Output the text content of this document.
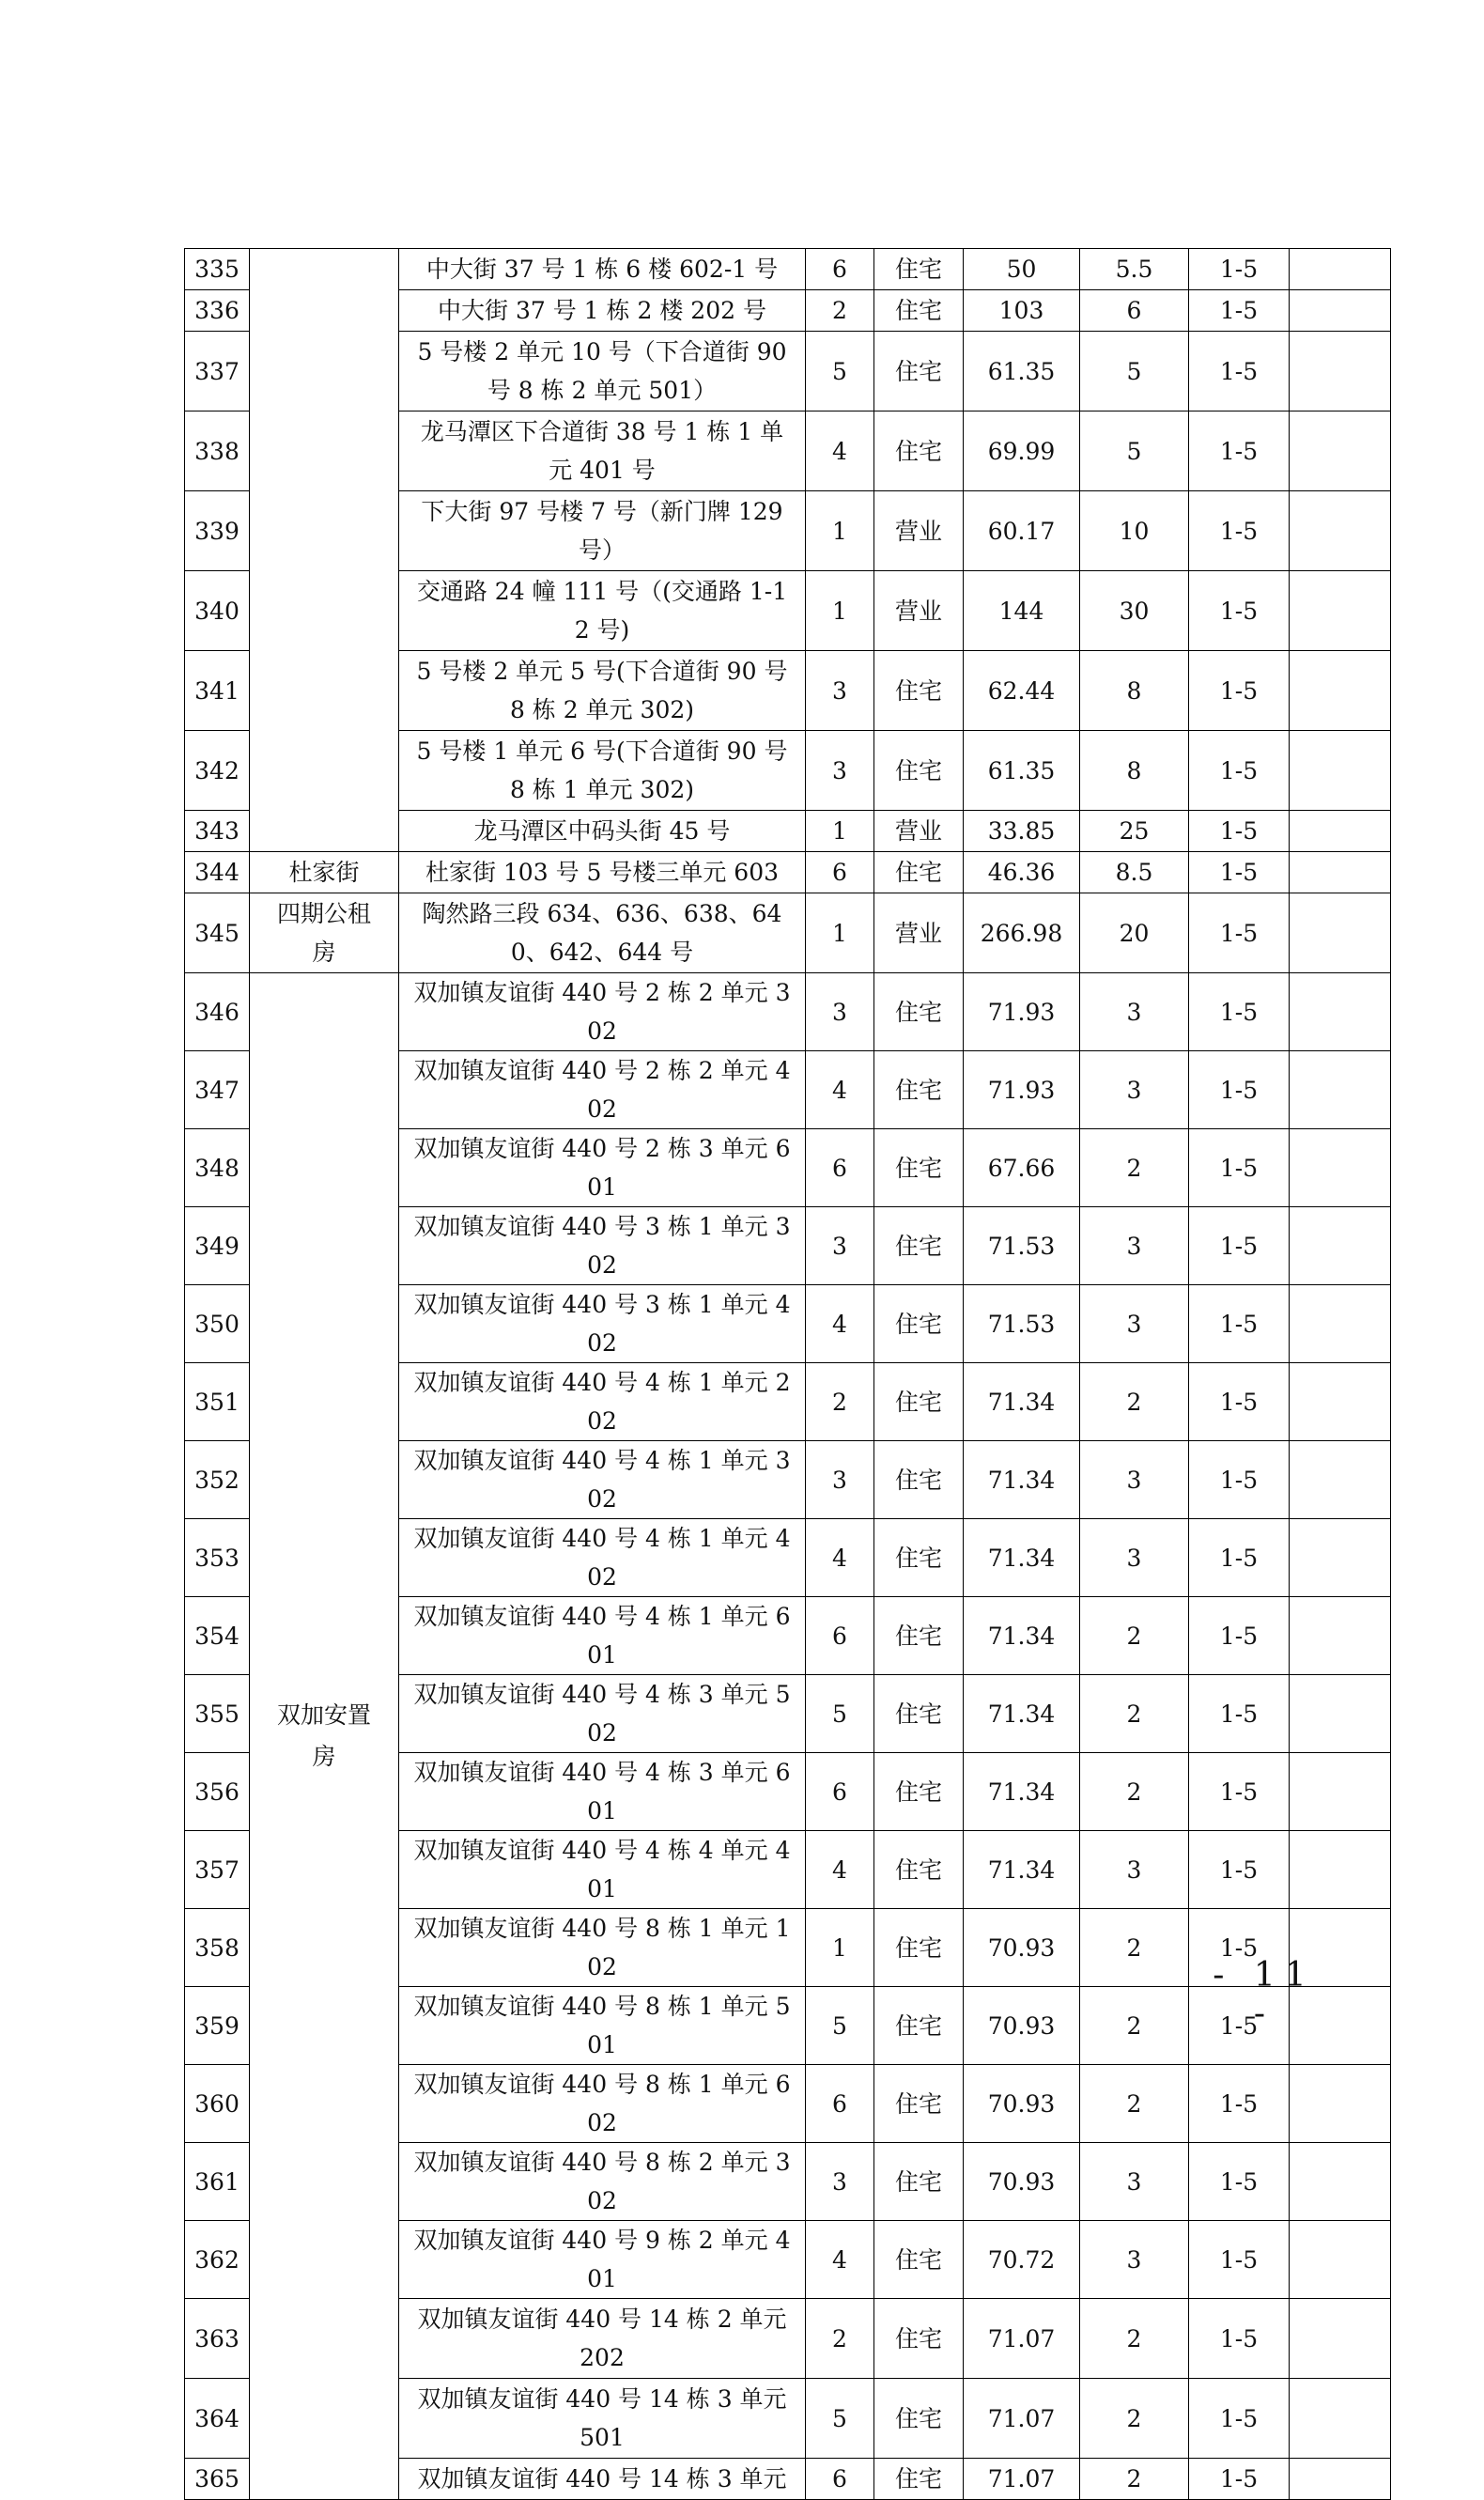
335		中大街 37 号 1 栋 6 楼 602-1 号	6	住宅	50	5.5	1-5	
336		中大街 37 号 1 栋 2 楼 202 号	2	住宅	103	6	1-5	
337		5 号楼 2 单元 10 号（下合道街 90 号 8 栋 2 单元 501）	5	住宅	61.35	5	1-5	
338		龙马潭区下合道街 38 号 1 栋 1 单元 401 号	4	住宅	69.99	5	1-5	
339		下大街 97 号楼 7 号（新门牌 129 号）	1	营业	60.17	10	1-5	
340		交通路 24 幢 111 号（(交通路 1-12 号)	1	营业	144	30	1-5	
341		5 号楼 2 单元 5 号(下合道街 90 号 8 栋 2 单元 302)	3	住宅	62.44	8	1-5	
342		5 号楼 1 单元 6 号(下合道街 90 号 8 栋 1 单元 302)	3	住宅	61.35	8	1-5	
343		龙马潭区中码头街 45 号	1	营业	33.85	25	1-5	
344	杜家街	杜家街 103 号 5 号楼三单元 603	6	住宅	46.36	8.5	1-5	
345	四期公租房	陶然路三段 634、636、638、640、642、644 号	1	营业	266.98	20	1-5	
346	双加安置房	双加镇友谊街 440 号 2 栋 2 单元 302	3	住宅	71.93	3	1-5	
347		双加镇友谊街 440 号 2 栋 2 单元 402	4	住宅	71.93	3	1-5	
348		双加镇友谊街 440 号 2 栋 3 单元 601	6	住宅	67.66	2	1-5	
349		双加镇友谊街 440 号 3 栋 1 单元 302	3	住宅	71.53	3	1-5	
350		双加镇友谊街 440 号 3 栋 1 单元 402	4	住宅	71.53	3	1-5	
351		双加镇友谊街 440 号 4 栋 1 单元 202	2	住宅	71.34	2	1-5	
352		双加镇友谊街 440 号 4 栋 1 单元 302	3	住宅	71.34	3	1-5	
353		双加镇友谊街 440 号 4 栋 1 单元 402	4	住宅	71.34	3	1-5	
354		双加镇友谊街 440 号 4 栋 1 单元 601	6	住宅	71.34	2	1-5	
355		双加镇友谊街 440 号 4 栋 3 单元 502	5	住宅	71.34	2	1-5	
356		双加镇友谊街 440 号 4 栋 3 单元 601	6	住宅	71.34	2	1-5	
357		双加镇友谊街 440 号 4 栋 4 单元 401	4	住宅	71.34	3	1-5	
358		双加镇友谊街 440 号 8 栋 1 单元 102	1	住宅	70.93	2	1-5	
359		双加镇友谊街 440 号 8 栋 1 单元 501	5	住宅	70.93	2	1-5	
360		双加镇友谊街 440 号 8 栋 1 单元 602	6	住宅	70.93	2	1-5	
361		双加镇友谊街 440 号 8 栋 2 单元 302	3	住宅	70.93	3	1-5	
362		双加镇友谊街 440 号 9 栋 2 单元 401	4	住宅	70.72	3	1-5	
363		双加镇友谊街 440 号 14 栋 2 单元 202	2	住宅	71.07	2	1-5	
364		双加镇友谊街 440 号 14 栋 3 单元 501	5	住宅	71.07	2	1-5	
365		双加镇友谊街 440 号 14 栋 3 单元	6	住宅	71.07	2	1-5	
- 11 -
